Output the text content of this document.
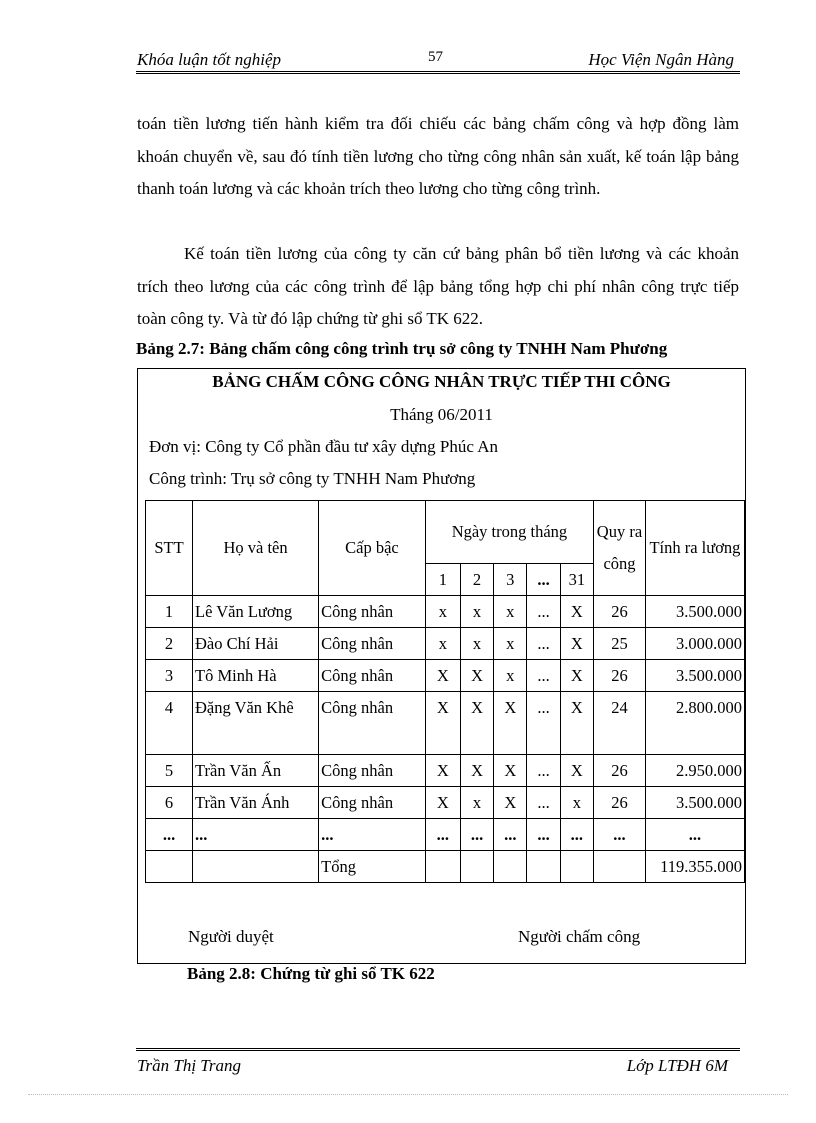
Khóa luận tốt nghiệp	57	Học Viện Ngân Hàng
toán tiền lương tiến hành kiểm tra đối chiếu các bảng chấm công và hợp đồng làm khoán chuyển về, sau đó tính tiền lương cho từng công nhân sản xuất, kế toán lập bảng thanh toán lương và các khoản trích theo lương cho từng công trình.
Kế toán tiền lương của công ty căn cứ bảng phân bổ tiền lương và các khoản trích theo lương của các công trình để lập bảng tổng hợp chi phí nhân công trực tiếp toàn công ty. Và từ đó lập chứng từ ghi sổ TK 622.
Bảng 2.7: Bảng chấm công công trình trụ sở công ty TNHH Nam Phương
BẢNG CHẤM CÔNG CÔNG NHÂN TRỰC TIẾP THI CÔNG
Tháng 06/2011
Đơn vị: Công ty Cổ phần đầu tư xây dựng Phúc An
Công trình: Trụ sở công ty TNHH Nam Phương
STT	Họ và tên	Cấp bậc	Ngày trong tháng					Quy ra công	Tính ra lương
			1	2	3	...	31		
1	Lê Văn Lương	Công nhân	x	x	x	...	X	26	3.500.000
2	Đào Chí Hải	Công nhân	x	x	x	...	X	25	3.000.000
3	Tô Minh Hà	Công nhân	X	X	x	...	X	26	3.500.000
4	Đặng Văn Khê	Công nhân	X	X	X	...	X	24	2.800.000
5	Trần Văn Ấn	Công nhân	X	X	X	...	X	26	2.950.000
6	Trần Văn Ánh	Công nhân	X	x	X	...	x	26	3.500.000
...	...	...	...	...	...	...	...	...	...
		Tổng							119.355.000
Người duyệt	Người chấm công
Bảng 2.8: Chứng từ ghi sổ TK 622
Trần Thị Trang	Lớp LTĐH 6M
